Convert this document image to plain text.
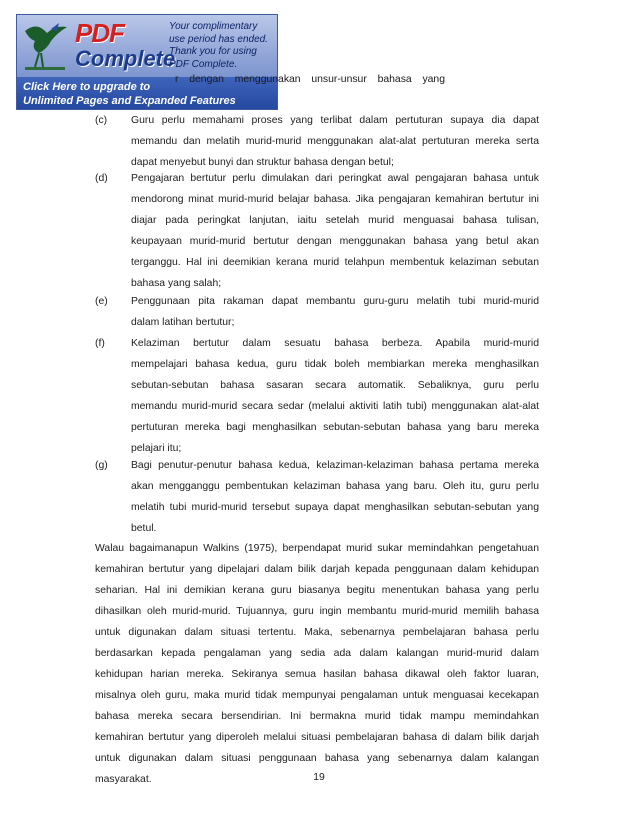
PDF
Complete
Your complimentary
use period has ended.
Thank you for using
PDF Complete.
Click Here to upgrade to
Unlimited Pages and Expanded Features
r dengan menggunakan unsur-unsur bahasa yang
(c)	Guru perlu memahami proses yang terlibat dalam pertuturan supaya dia dapat
memandu dan melatih murid-murid menggunakan alat-alat pertuturan mereka serta
dapat menyebut bunyi dan struktur bahasa dengan betul;
(d)	Pengajaran bertutur perlu dimulakan dari peringkat awal pengajaran bahasa untuk
mendorong minat murid-murid belajar bahasa. Jika pengajaran kemahiran bertutur ini
diajar pada peringkat lanjutan, iaitu setelah murid menguasai bahasa tulisan,
keupayaan murid-murid bertutur dengan menggunakan bahasa yang betul akan
terganggu. Hal ini deemikian kerana murid telahpun membentuk kelaziman sebutan
bahasa yang salah;
(e)	Penggunaan pita rakaman dapat membantu guru-guru melatih tubi murid-murid
dalam latihan bertutur;
(f)	Kelaziman bertutur dalam sesuatu bahasa berbeza. Apabila murid-murid
mempelajari bahasa kedua, guru tidak boleh membiarkan mereka menghasilkan
sebutan-sebutan bahasa sasaran secara automatik. Sebaliknya, guru perlu
memandu murid-murid secara sedar (melalui aktiviti latih tubi) menggunakan alat-alat
pertuturan mereka bagi menghasilkan sebutan-sebutan bahasa yang baru mereka
pelajari itu;
(g)	Bagi penutur-penutur bahasa kedua, kelaziman-kelaziman bahasa pertama mereka
akan mengganggu pembentukan kelaziman bahasa yang baru. Oleh itu, guru perlu
melatih tubi murid-murid tersebut supaya dapat menghasilkan sebutan-sebutan yang
betul.
Walau bagaimanapun Walkins (1975), berpendapat murid sukar memindahkan pengetahuan
kemahiran bertutur yang dipelajari dalam bilik darjah kepada penggunaan dalam kehidupan
seharian. Hal ini demikian kerana guru biasanya begitu menentukan bahasa yang perlu
dihasilkan oleh murid-murid. Tujuannya, guru ingin membantu murid-murid memilih bahasa
untuk digunakan dalam situasi tertentu. Maka, sebenarnya pembelajaran bahasa perlu
berdasarkan kepada pengalaman yang sedia ada dalam kalangan murid-murid dalam
kehidupan harian mereka. Sekiranya semua hasilan bahasa dikawal oleh faktor luaran,
misalnya oleh guru, maka murid tidak mempunyai pengalaman untuk menguasai kecekapan
bahasa mereka secara bersendirian. Ini bermakna murid tidak mampu memindahkan
kemahiran bertutur yang diperoleh melalui situasi pembelajaran bahasa di dalam bilik darjah
untuk digunakan dalam situasi penggunaan bahasa yang sebenarnya dalam kalangan
masyarakat.	19
